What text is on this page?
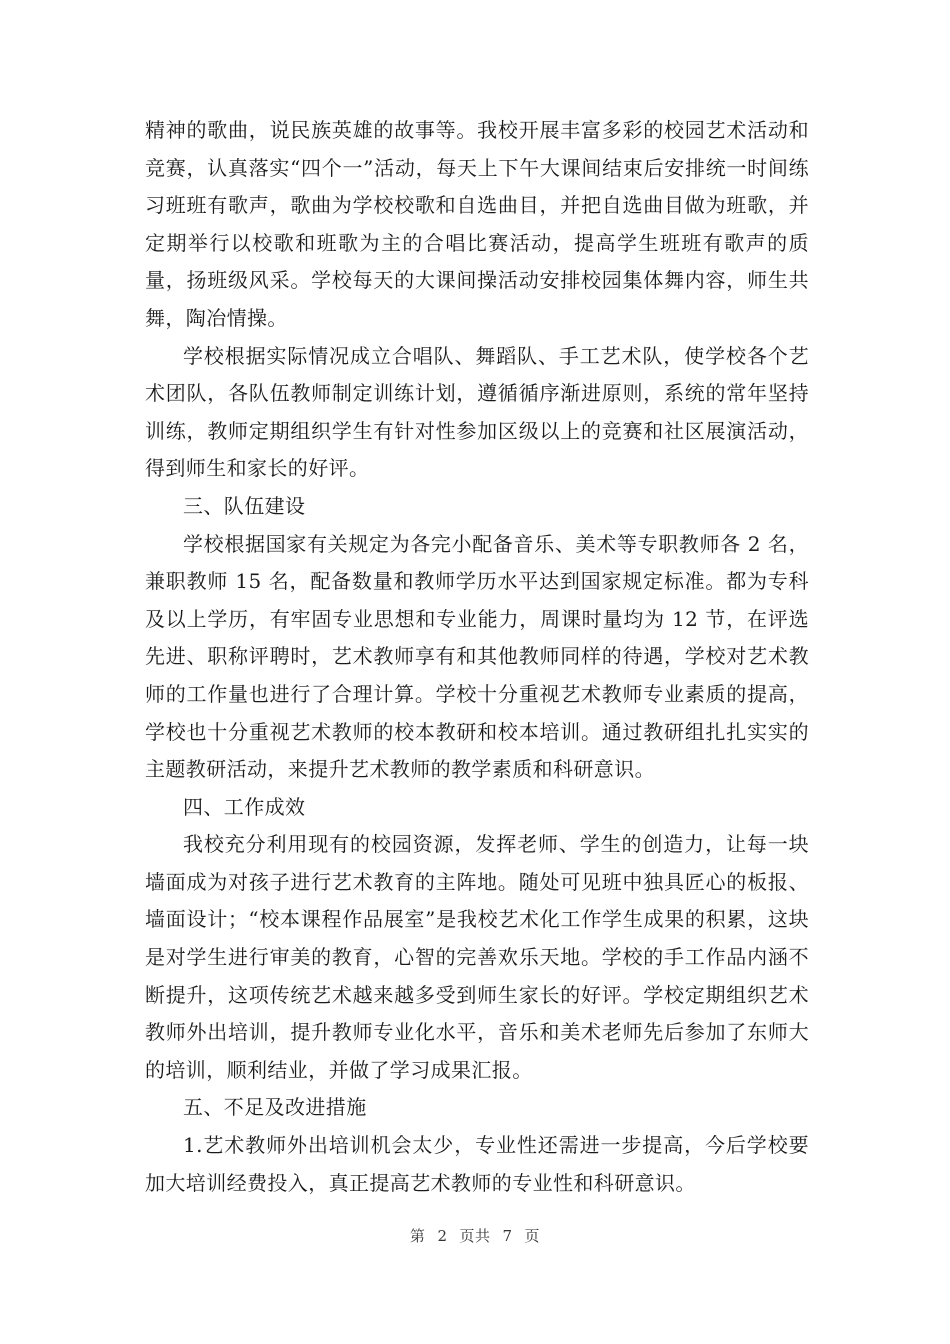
精神的歌曲，说民族英雄的故事等。我校开展丰富多彩的校园艺术活动和竞赛，认真落实“四个一”活动，每天上下午大课间结束后安排统一时间练习班班有歌声，歌曲为学校校歌和自选曲目，并把自选曲目做为班歌，并定期举行以校歌和班歌为主的合唱比赛活动，提高学生班班有歌声的质量，扬班级风采。学校每天的大课间操活动安排校园集体舞内容，师生共舞，陶冶情操。

学校根据实际情况成立合唱队、舞蹈队、手工艺术队，使学校各个艺术团队，各队伍教师制定训练计划，遵循循序渐进原则，系统的常年坚持训练，教师定期组织学生有针对性参加区级以上的竞赛和社区展演活动，得到师生和家长的好评。

三、队伍建设

学校根据国家有关规定为各完小配备音乐、美术等专职教师各 2 名，兼职教师 15 名，配备数量和教师学历水平达到国家规定标准。都为专科及以上学历，有牢固专业思想和专业能力，周课时量均为 12 节，在评选先进、职称评聘时，艺术教师享有和其他教师同样的待遇，学校对艺术教师的工作量也进行了合理计算。学校十分重视艺术教师专业素质的提高，学校也十分重视艺术教师的校本教研和校本培训。通过教研组扎扎实实的主题教研活动，来提升艺术教师的教学素质和科研意识。

四、工作成效

我校充分利用现有的校园资源，发挥老师、学生的创造力，让每一块墙面成为对孩子进行艺术教育的主阵地。随处可见班中独具匠心的板报、墙面设计；“校本课程作品展室”是我校艺术化工作学生成果的积累，这块是对学生进行审美的教育，心智的完善欢乐天地。学校的手工作品内涵不断提升，这项传统艺术越来越多受到师生家长的好评。学校定期组织艺术教师外出培训，提升教师专业化水平，音乐和美术老师先后参加了东师大的培训，顺利结业，并做了学习成果汇报。

五、不足及改进措施

1.艺术教师外出培训机会太少，专业性还需进一步提高，今后学校要加大培训经费投入，真正提高艺术教师的专业性和科研意识。

第 2 页共 7 页
